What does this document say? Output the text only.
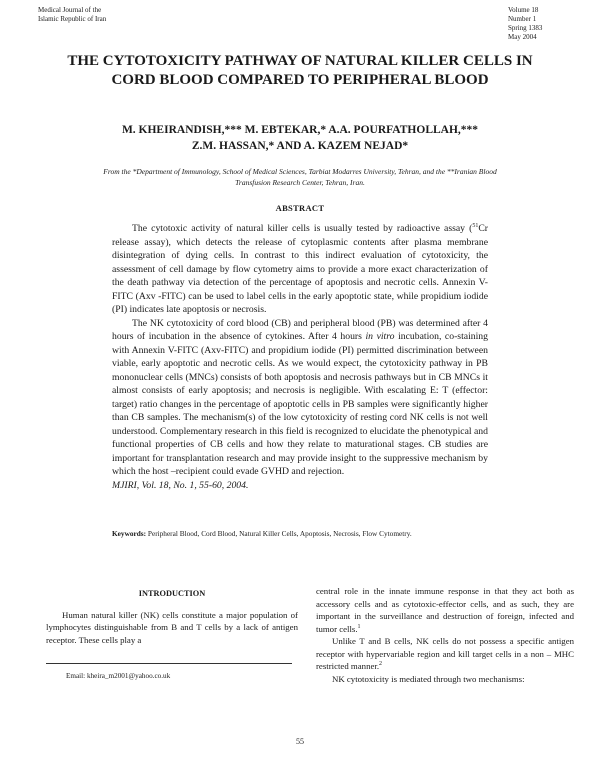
Medical Journal of the
Islamic Republic of Iran
Volume 18
Number 1
Spring 1383
May 2004
THE CYTOTOXICITY PATHWAY OF NATURAL KILLER CELLS IN CORD BLOOD COMPARED TO PERIPHERAL BLOOD
M. KHEIRANDISH,*** M. EBTEKAR,* A.A. POURFATHOLLAH,***
Z.M. HASSAN,* AND A. KAZEM NEJAD*
From the *Department of Immunology, School of Medical Sciences, Tarbiat Modarres University, Tehran, and the **Iranian Blood Transfusion Research Center, Tehran, Iran.
ABSTRACT

The cytotoxic activity of natural killer cells is usually tested by radioactive assay ($^{51}$Cr release assay), which detects the release of cytoplasmic contents after plasma membrane disintegration of dying cells. In contrast to this indirect evaluation of cytotoxicity, the assessment of cell damage by flow cytometry aims to provide a more exact characterization of the death pathway via detection of the percentage of apoptosis and necrotic cells. Annexin V-FITC (Axv -FITC) can be used to label cells in the early apoptotic state, while propidium iodide (PI) indicates late apoptosis or necrosis.

The NK cytotoxicity of cord blood (CB) and peripheral blood (PB) was determined after 4 hours of incubation in the absence of cytokines. After 4 hours in vitro incubation, co-staining with Annexin V-FITC (Axv-FITC) and propidium iodide (PI) permitted discrimination between viable, early apoptotic and necrotic cells. As we would expect, the cytotoxicity pathway in PB mononuclear cells (MNCs) consists of both apoptosis and necrosis pathways but in CB MNCs it almost consists of early apoptosis; and necrosis is negligible. With escalating E: T (effector: target) ratio changes in the percentage of apoptotic cells in PB samples were significantly higher than CB samples. The mechanism(s) of the low cytotoxicity of resting cord NK cells is not well understood. Complementary research in this field is recognized to elucidate the phenotypical and functional properties of CB cells and how they relate to maturational stages. CB studies are important for transplantation research and may provide insight to the suppressive mechanism by which the host –recipient could evade GVHD and rejection.
MJIRI, Vol. 18, No. 1, 55-60, 2004.

Keywords: Peripheral Blood, Cord Blood, Natural Killer Cells, Apoptosis, Necrosis, Flow Cytometry.
INTRODUCTION

Human natural killer (NK) cells constitute a major population of lymphocytes distinguishable from B and T cells by a lack of antigen receptor. These cells play a

Email: kheira_m2001@yahoo.co.uk

central role in the innate immune response in that they act both as accessory cells and as cytotoxic-effector cells, and as such, they are important in the surveillance and destruction of foreign, infected and tumor cells.$^1$

Unlike T and B cells, NK cells do not possess a specific antigen receptor with hypervariable region and kill target cells in a non – MHC restricted manner.$^2$

NK cytotoxicity is mediated through two mechanisms:

55
